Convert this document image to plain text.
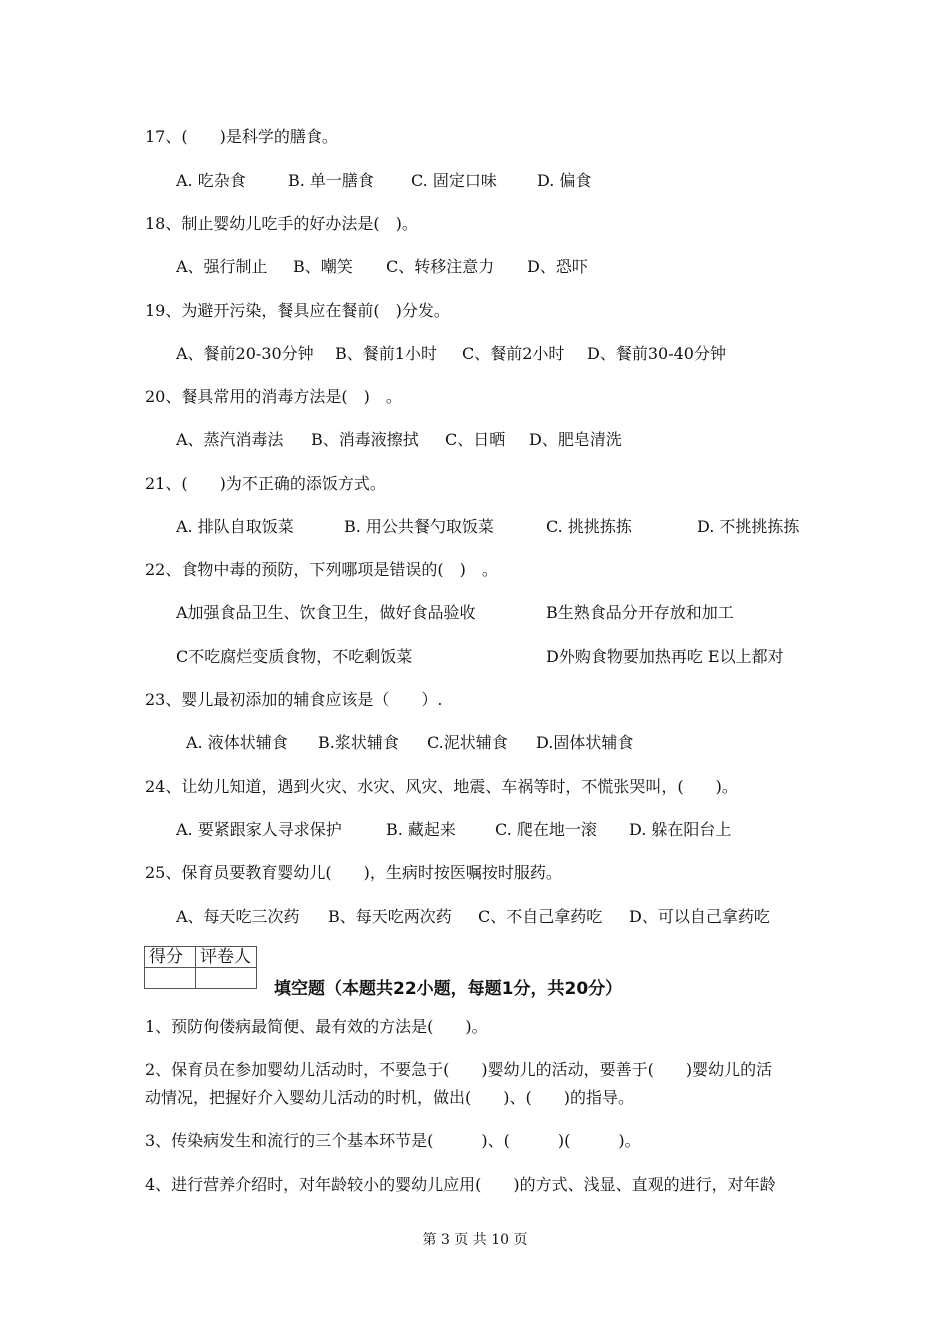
17、(　　)是科学的膳食。
A. 吃杂食	B. 单一膳食 C. 固定口味	D. 偏食
18、制止婴幼儿吃手的好办法是(　)。
A、强行制止 B、嘲笑 C、转移注意力 D、恐吓
19、为避开污染，餐具应在餐前(　)分发。
A、餐前20-30分钟 B、餐前1小时 C、餐前2小时 D、餐前30-40分钟
20、餐具常用的消毒方法是(　)　。
A、蒸汽消毒法 B、消毒液擦拭 C、日晒 D、肥皂清洗
21、(　　)为不正确的添饭方式。
A. 排队自取饭菜	B. 用公共餐勺取饭菜	C. 挑挑拣拣	D. 不挑挑拣拣
22、食物中毒的预防，下列哪项是错误的(　)　。
A加强食品卫生、饮食卫生，做好食品验收	B生熟食品分开存放和加工
C不吃腐烂变质食物，不吃剩饭菜	D外购食物要加热再吃 E以上都对
23、婴儿最初添加的辅食应该是（　　）.
A. 液体状辅食 B.浆状辅食 C.泥状辅食 D.固体状辅食
24、让幼儿知道，遇到火灾、水灾、风灾、地震、车祸等时，不慌张哭叫，(　　)。
A. 要紧跟家人寻求保护	B. 藏起来 C. 爬在地一滚 D. 躲在阳台上
25、保育员要教育婴幼儿(　　)，生病时按医嘱按时服药。
A、每天吃三次药 B、每天吃两次药 C、不自己拿药吃 D、可以自己拿药吃
得分	评卷人

填空题（本题共22小题，每题1分，共20分）
1、预防佝偻病最简便、最有效的方法是(　　)。
2、保育员在参加婴幼儿活动时，不要急于(　　)婴幼儿的活动，要善于(　　)婴幼儿的活
动情况，把握好介入婴幼儿活动的时机，做出(　　)、(　　)的指导。
3、传染病发生和流行的三个基本环节是(　　　)、(　　　)(　　　)。
4、进行营养介绍时，对年龄较小的婴幼儿应用(　　)的方式、浅显、直观的进行，对年龄
第 3 页 共 10 页
